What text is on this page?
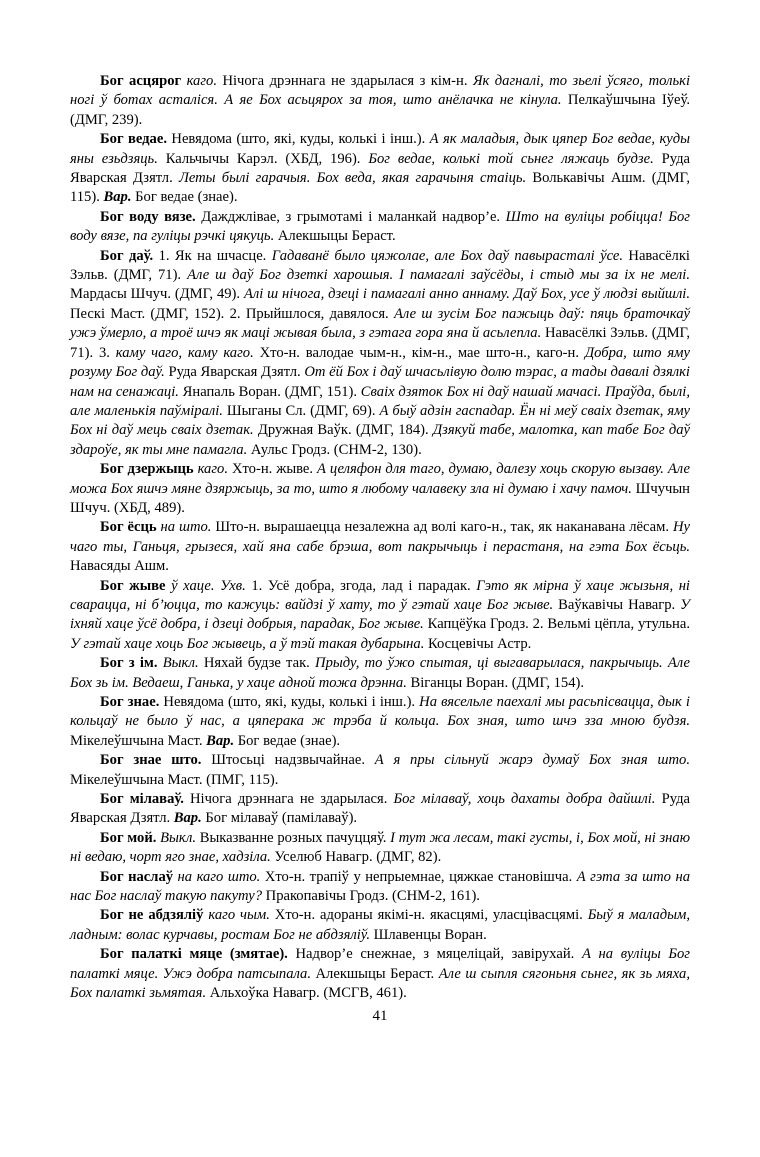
Бог асцярог каго. Нічога дрэннага не здарылася з кім-н. Як дагналі, то зьелі ўсяго, толькі ногі ў ботах асталіся. А яе Бох асьцярох за тоя, што анёлачка не кінула. Пелкаўшчына Іўеў. (ДМГ, 239).

Бог ведае. Невядома (што, які, куды, колькі і інш.). А як маладыя, дык цяпер Бог ведае, куды яны езьдзяць. Кальчычы Карэл. (ХБД, 196). Бог ведае, колькі той сьнег ляжаць будзе. Руда Яварская Дзятл. Леты былі гарачыя. Бох веда, якая гарачыня стаіць. Волькавічы Ашм. (ДМГ, 115). Вар. Бог ведае (знае).

Бог воду вязе. Дажджлівае, з грымотамі і маланкай надвор’е. Што на вуліцы робіцца! Бог воду вязе, па гуліцы рэчкі цякуць. Алекшыцы Бераст.

Бог даў. 1. Як на шчасце. Гадаванё было цяжолае, але Бох даў павырасталі ўсе. Навасёлкі Зэльв. (ДМГ, 71). Але ш даў Бог дзеткі харошыя. І памагалі заўсёды, і стыд мы за іх не мелі. Мардасы Шчуч. (ДМГ, 49). Алі ш нічога, дзеці і памагалі анно аннаму. Даў Бох, усе ў людзі выйшлі. Пескі Маст. (ДМГ, 152). 2. Прыйшлося, давялося. Але ш зусім Бог пажыць даў: пяць браточкаў ужэ ўмерло, а троё шчэ як маці жывая была, з гэтага гора яна й асьлепла. Навасёлкі Зэльв. (ДМГ, 71). 3. каму чаго, каму каго. Хто-н. валодае чым-н., кім-н., мае што-н., каго-н. Добра, што яму розуму Бог даў. Руда Яварская Дзятл. От ёй Бох і даў шчасьлівую долю тэрас, а тады давалі дзялкі нам на сенажаці. Янапаль Воран. (ДМГ, 151). Сваіх дзяток Бох ні даў нашай мачасі. Праўда, былі, але маленькія паўміралі. Шыганы Сл. (ДМГ, 69). А быў адзін гаспадар. Ён ні меў сваіх дзетак, яму Бох ні даў мець сваіх дзетак. Дружная Ваўк. (ДМГ, 184). Дзякуй табе, малотка, кап табе Бог даў здароўе, як ты мне памагла. Аульс Гродз. (СНМ-2, 130).

Бог дзержыць каго. Хто-н. жыве. А целяфон для таго, думаю, далезу хоць скорую вызаву. Але можа Бох яшчэ мяне дзяржыць, за то, што я любому чалавеку зла ні думаю і хачу памоч. Шчучын Шчуч. (ХБД, 489).

Бог ёсць на што. Што-н. вырашаецца незалежна ад волі каго-н., так, як наканавана лёсам. Ну чаго ты, Ганьця, грызеся, хай яна сабе брэша, вот пакрычыць і перастаня, на гэта Бох ёсьць. Навасяды Ашм.

Бог жыве ў хаце. Ухв. 1. Усё добра, згода, лад і парадак. Гэто як мірна ў хаце жызьня, ні сварацца, ні б’юцца, то кажуць: вайдзі ў хату, то ў гэтай хаце Бог жыве. Ваўкавічы Навагр. У іхняй хаце ўсё добра, і дзеці добрыя, парадак, Бог жыве. Капцёўка Гродз. 2. Вельмі цёпла, утульна. У гэтай хаце хоць Бог жывець, а ў тэй такая дубарына. Косцевічы Астр.

Бог з ім. Выкл. Няхай будзе так. Прыду, то ўжо спытая, ці выгаварылася, пакрычыць. Але Бох зь ім. Ведаеш, Ганька, у хаце адной тожа дрэнна. Віганцы Воран. (ДМГ, 154).

Бог знае. Невядома (што, які, куды, колькі і інш.). На вясельле паехалі мы расьпісвацца, дык і кольцаў не было ў нас, а цяперака ж трэба й кольца. Бох зная, што шчэ зза мною будзя. Мікелеўшчына Маст. Вар. Бог ведае (знае).

Бог знае што. Штосьці надзвычайнае. А я пры сільнуй жарэ думаў Бох зная што. Мікелеўшчына Маст. (ПМГ, 115).

Бог мілаваў. Нічога дрэннага не здарылася. Бог мілаваў, хоць дахаты добра дайшлі. Руда Яварская Дзятл. Вар. Бог мілаваў (памілаваў).

Бог мой. Выкл. Выказванне розных пачуццяў. І тут жа лесам, такі густы, і, Бох мой, ні знаю ні ведаю, чорт яго знае, хадзіла. Уселюб Навагр. (ДМГ, 82).

Бог наслаў на каго што. Хто-н. трапіў у непрыемнае, цяжкае становішча. А гэта за што на нас Бог наслаў такую пакуту? Пракопавічы Гродз. (СНМ-2, 161).

Бог не абдзяліў каго чым. Хто-н. адораны якімі-н. якасцямі, уласцівасцямі. Быў я маладым, ладным: волас курчавы, ростам Бог не абдзяліў. Шлавенцы Воран.

Бог палаткі мяце (змятае). Надвор’е снежнае, з мяцеліцай, завірухай. А на вуліцы Бог палаткі мяце. Ужэ добра патсыпала. Алекшыцы Бераст. Але ш сыпля сягоньня сьнег, як зь мяха, Бох палаткі зьмятая. Альхоўка Навагр. (МСГВ, 461).

41
